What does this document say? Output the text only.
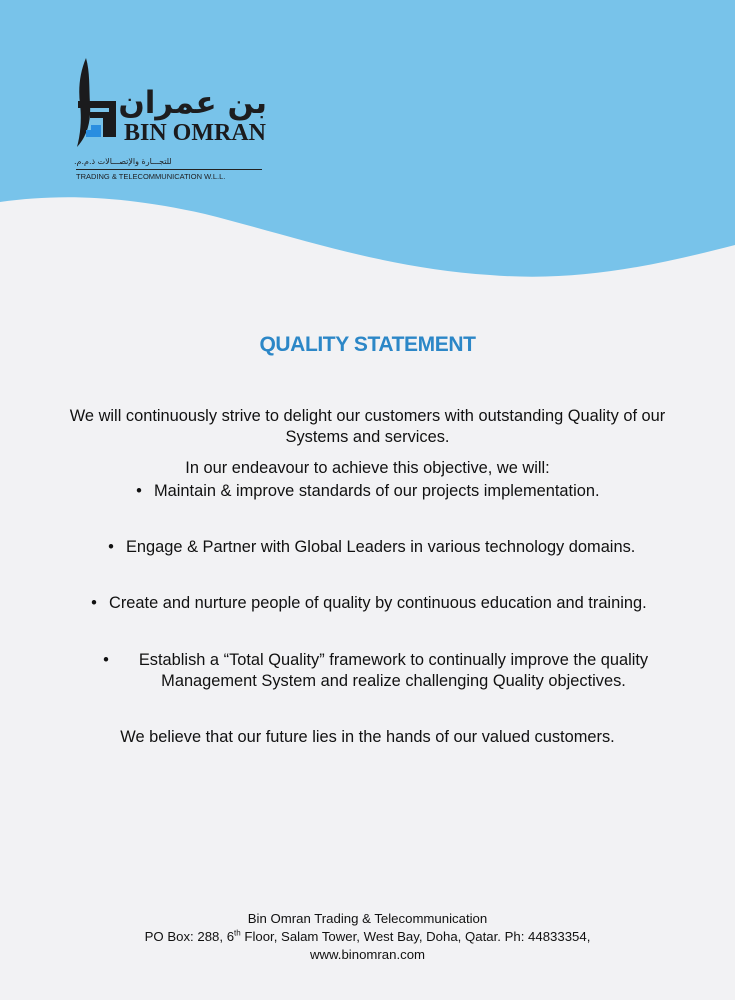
بن عمران
BIN OMRAN
للتجـــارة والإتصـــالات ذ.م.م.
TRADING & TELECOMMUNICATION W.L.L.
QUALITY STATEMENT

We will continuously strive to delight our customers with outstanding Quality of our Systems and services.

In our endeavour to achieve this objective, we will:

• Maintain & improve standards of our projects implementation.
• Engage & Partner with Global Leaders in various technology domains.
• Create and nurture people of quality by continuous education and training.
•	Establish a “Total Quality” framework to continually improve the quality Management System and realize challenging Quality objectives.

We believe that our future lies in the hands of our valued customers.

Bin Omran Trading & Telecommunication
PO Box: 288, 6th Floor, Salam Tower, West Bay, Doha, Qatar. Ph: 44833354,
www.binomran.com
